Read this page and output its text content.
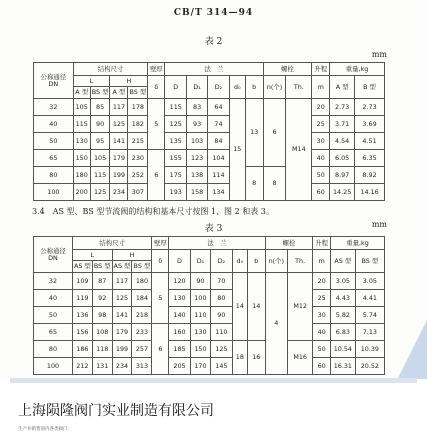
CB/T 314—94
表 2
mm
公称通径
DN	结构尺寸				壁厚	法　兰					螺栓		升程	重量,kg	
	L		H		δ	D	D₁	D₂	d₀	b	n(个)	Th.	m	A 型	B 型
	A 型	BS 型	A 型	BS 型											
32	105	85	117	178	5	115	83	64	15	13	6	M14	20	2.73	2.73
40	115	90	125	182		125	93	74					25	3.71	3.69
50	130	95	141	215		135	103	84					30	4.54	4.51
65	150	105	179	230	6	155	123	104					40	6.05	6.35
80	180	115	199	252		175	138	114		8	8		50	8.97	8.92
100	200	125	234	307		193	158	134					60	14.25	14.16
3.4　AS 型、BS 型节流阀的结构和基本尺寸按图 1、图 2 和表 3。
表 3	mm
公称通径
DN	结构尺寸				壁厚	法　兰					螺栓		升程	重量,kg	
	L		H		δ	D	D₁	D₂	d₀	b	n(个)	Th.	m	AS 型	BS 型
	AS 型	BS 型	AS 型	BS 型											
32	109	87	117	180	5	120	90	70	14	14	4	M12	20	3.05	3.05
40	119	92	125	184		130	100	80					25	4.43	4.41
50	136	98	141	218		140	110	90					30	5.82	5.74
65	156	108	179	233	6	160	130	110					40	6.83	7.13
80	186	118	199	257		185	150	125	18	16		M16	50	10.54	10.39
100	212	131	234	313		205	170	145					60	16.31	20.52
上海陨隆阀门实业制造有限公司
生产并销售国内各类阀门
